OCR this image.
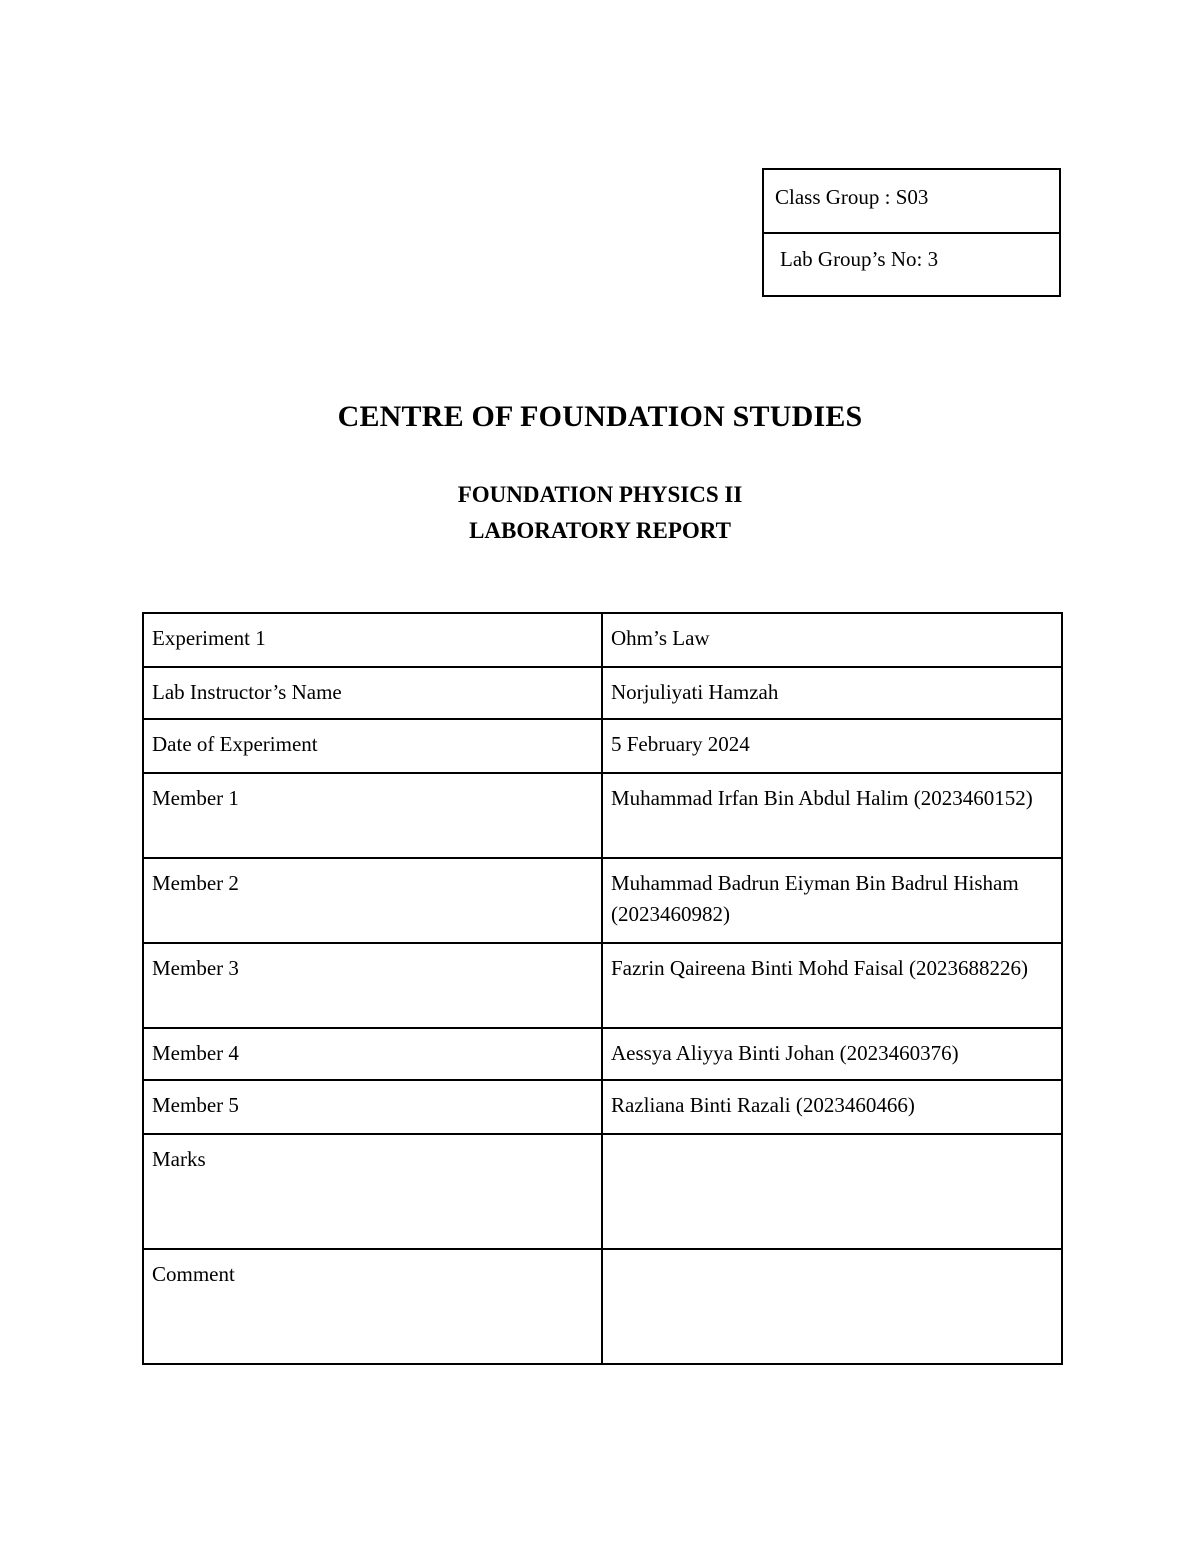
Class Group : S03
Lab Group’s No: 3
CENTRE OF FOUNDATION STUDIES
FOUNDATION PHYSICS II
LABORATORY REPORT
Experiment 1	Ohm’s Law
Lab Instructor’s Name	Norjuliyati Hamzah
Date of Experiment	5 February 2024
Member 1	Muhammad Irfan Bin Abdul Halim (2023460152)
Member 2	Muhammad Badrun Eiyman Bin Badrul Hisham (2023460982)
Member 3	Fazrin Qaireena Binti Mohd Faisal (2023688226)
Member 4	Aessya Aliyya Binti Johan (2023460376)
Member 5	Razliana Binti Razali (2023460466)
Marks	
Comment	
